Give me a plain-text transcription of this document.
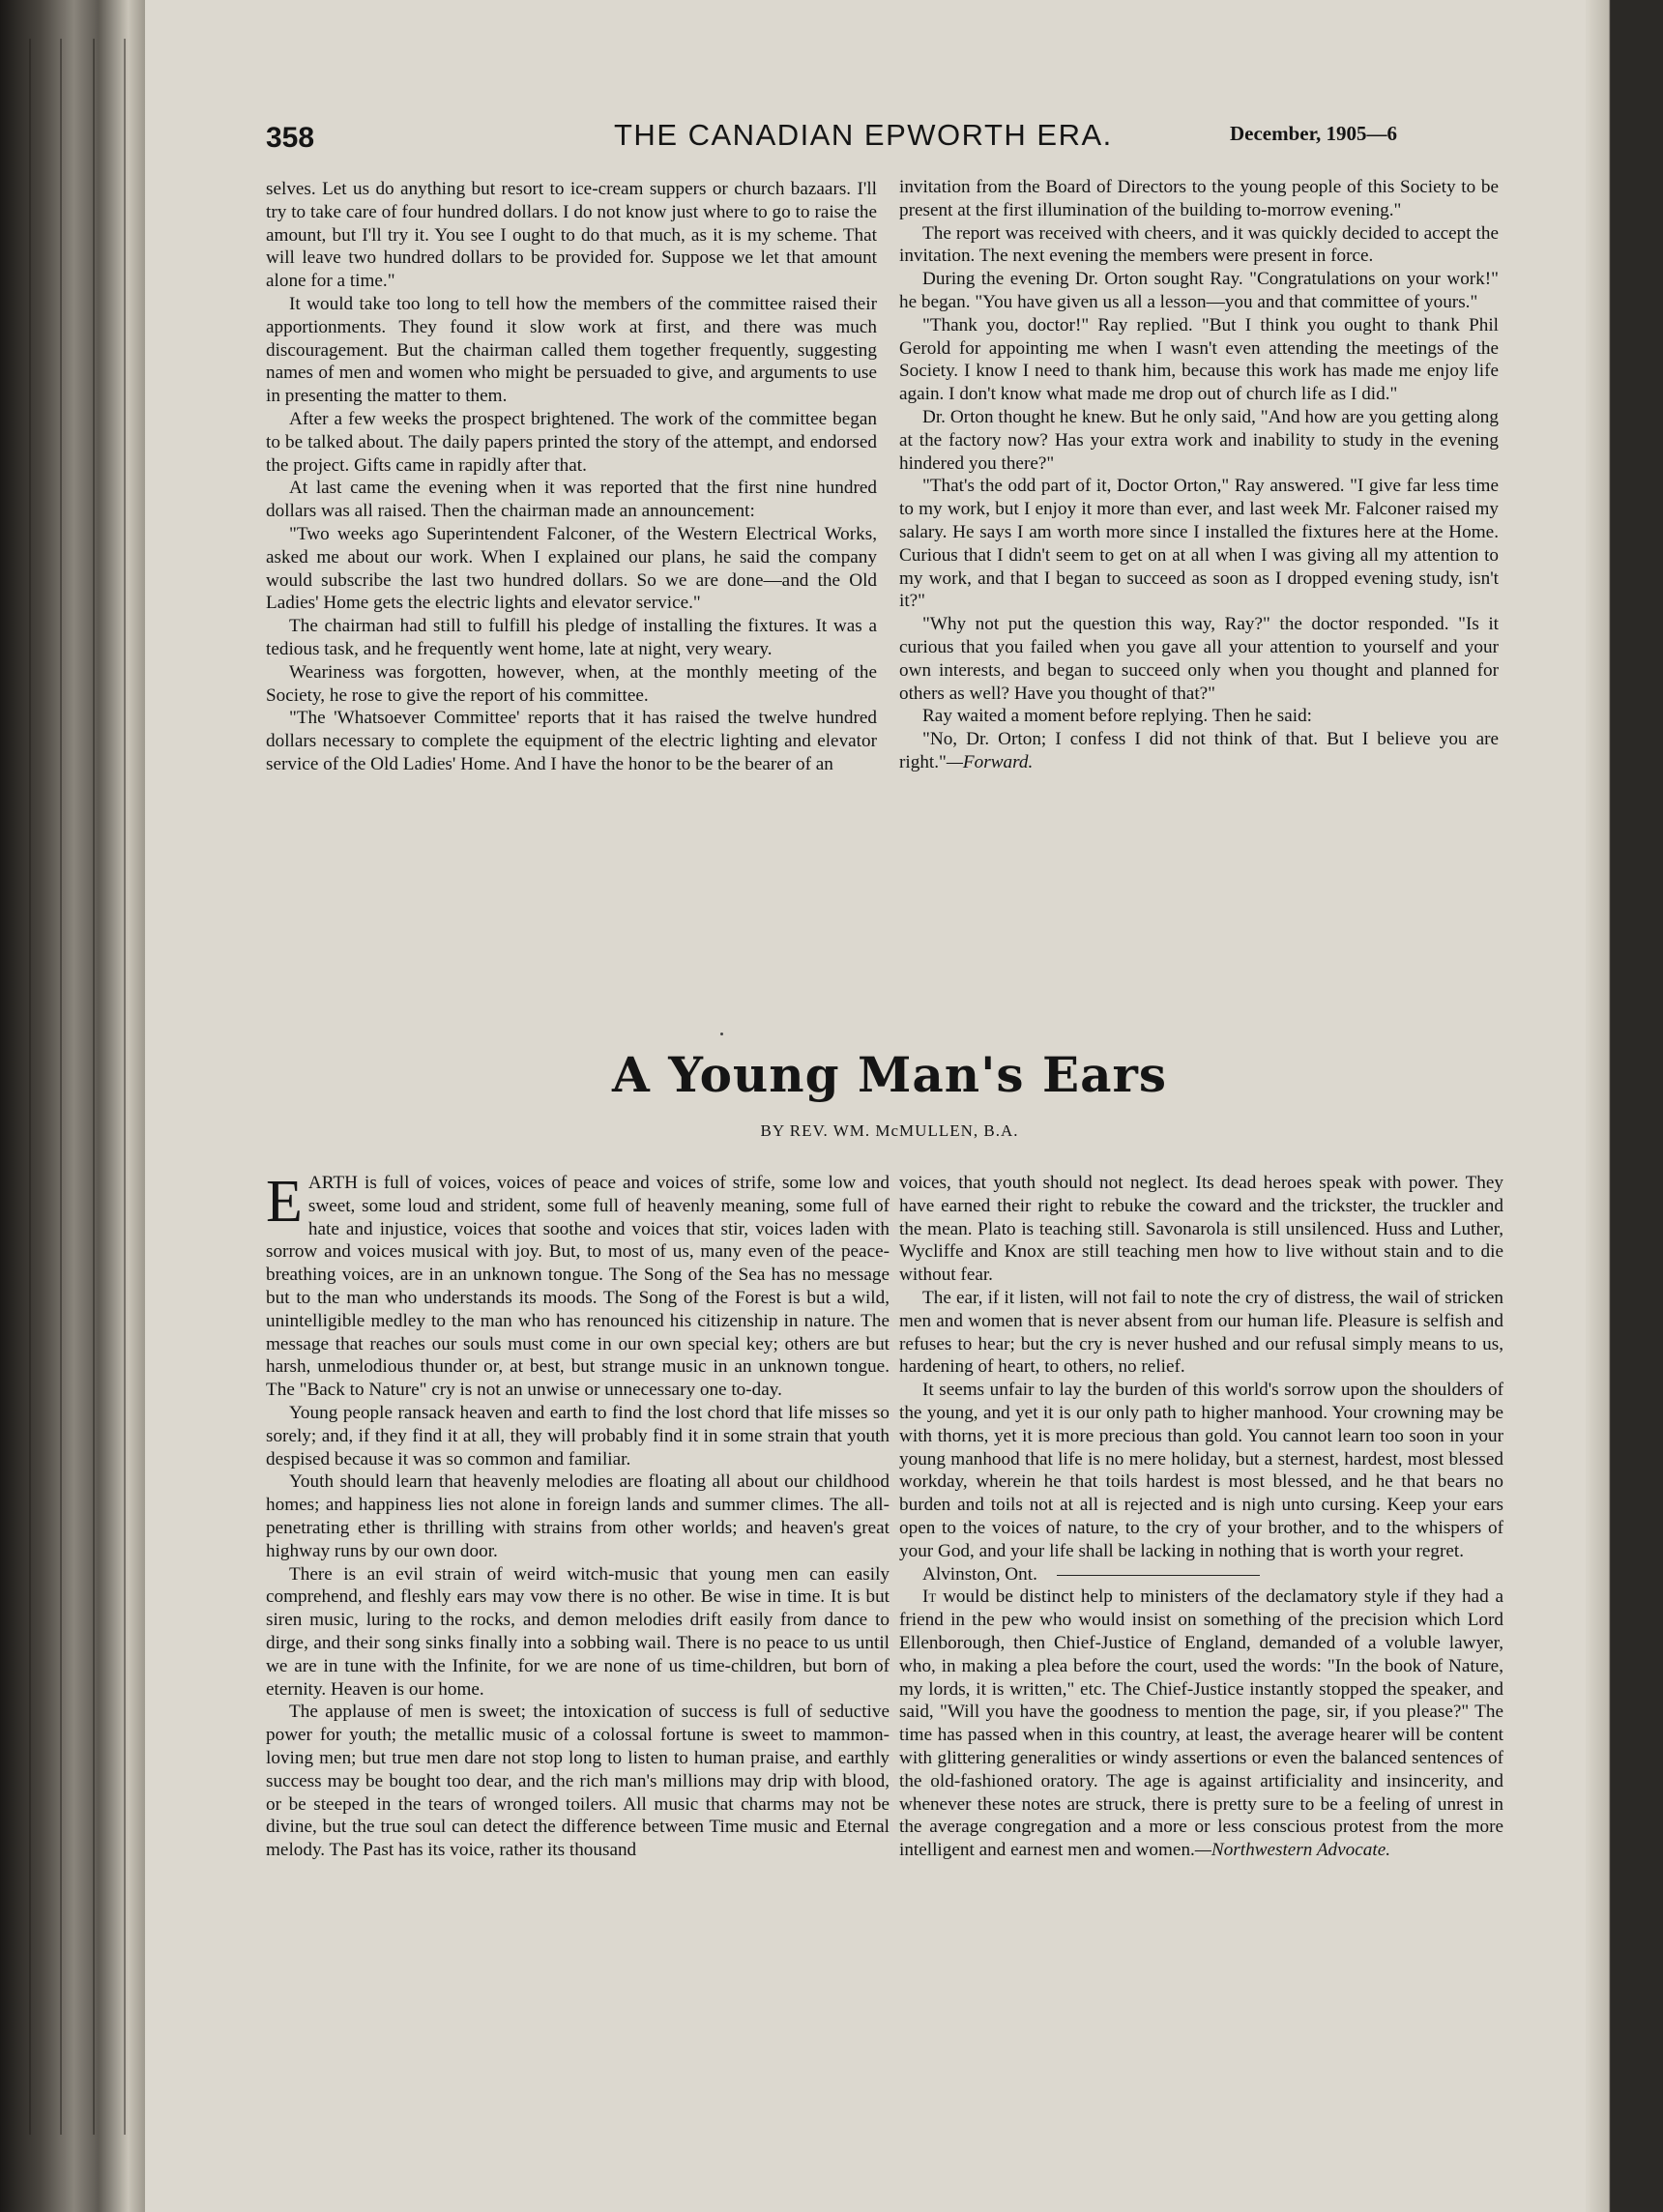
358	THE CANADIAN EPWORTH ERA.	December, 1905—6

selves. Let us do anything but resort to ice-cream suppers or church bazaars. I'll try to take care of four hundred dollars. I do not know just where to go to raise the amount, but I'll try it. You see I ought to do that much, as it is my scheme. That will leave two hundred dollars to be provided for. Suppose we let that amount alone for a time."

It would take too long to tell how the members of the committee raised their apportionments. They found it slow work at first, and there was much discouragement. But the chairman called them together frequently, suggesting names of men and women who might be persuaded to give, and arguments to use in presenting the matter to them.

After a few weeks the prospect brightened. The work of the committee began to be talked about. The daily papers printed the story of the attempt, and endorsed the project. Gifts came in rapidly after that.

At last came the evening when it was reported that the first nine hundred dollars was all raised. Then the chairman made an announcement:

"Two weeks ago Superintendent Falconer, of the Western Electrical Works, asked me about our work. When I explained our plans, he said the company would subscribe the last two hundred dollars. So we are done—and the Old Ladies' Home gets the electric lights and elevator service."

The chairman had still to fulfill his pledge of installing the fixtures. It was a tedious task, and he frequently went home, late at night, very weary.

Weariness was forgotten, however, when, at the monthly meeting of the Society, he rose to give the report of his committee.

"The 'Whatsoever Committee' reports that it has raised the twelve hundred dollars necessary to complete the equipment of the electric lighting and elevator service of the Old Ladies' Home. And I have the honor to be the bearer of an

invitation from the Board of Directors to the young people of this Society to be present at the first illumination of the building to-morrow evening."

The report was received with cheers, and it was quickly decided to accept the invitation. The next evening the members were present in force.

During the evening Dr. Orton sought Ray. "Congratulations on your work!" he began. "You have given us all a lesson—you and that committee of yours."

"Thank you, doctor!" Ray replied. "But I think you ought to thank Phil Gerold for appointing me when I wasn't even attending the meetings of the Society. I know I need to thank him, because this work has made me enjoy life again. I don't know what made me drop out of church life as I did."

Dr. Orton thought he knew. But he only said, "And how are you getting along at the factory now? Has your extra work and inability to study in the evening hindered you there?"

"That's the odd part of it, Doctor Orton," Ray answered. "I give far less time to my work, but I enjoy it more than ever, and last week Mr. Falconer raised my salary. He says I am worth more since I installed the fixtures here at the Home. Curious that I didn't seem to get on at all when I was giving all my attention to my work, and that I began to succeed as soon as I dropped evening study, isn't it?"

"Why not put the question this way, Ray?" the doctor responded. "Is it curious that you failed when you gave all your attention to yourself and your own interests, and began to succeed only when you thought and planned for others as well? Have you thought of that?"

Ray waited a moment before replying. Then he said:

"No, Dr. Orton; I confess I did not think of that. But I believe you are right."—Forward.

A Young Man's Ears
BY REV. WM. McMULLEN, B.A.

EARTH is full of voices, voices of peace and voices of strife, some low and sweet, some loud and strident, some full of heavenly meaning, some full of hate and injustice, voices that soothe and voices that stir, voices laden with sorrow and voices musical with joy. But, to most of us, many even of the peace-breathing voices, are in an unknown tongue. The Song of the Sea has no message but to the man who understands its moods. The Song of the Forest is but a wild, unintelligible medley to the man who has renounced his citizenship in nature. The message that reaches our souls must come in our own special key; others are but harsh, unmelodious thunder or, at best, but strange music in an unknown tongue. The "Back to Nature" cry is not an unwise or unnecessary one to-day.

Young people ransack heaven and earth to find the lost chord that life misses so sorely; and, if they find it at all, they will probably find it in some strain that youth despised because it was so common and familiar.

Youth should learn that heavenly melodies are floating all about our childhood homes; and happiness lies not alone in foreign lands and summer climes. The all-penetrating ether is thrilling with strains from other worlds; and heaven's great highway runs by our own door.

There is an evil strain of weird witch-music that young men can easily comprehend, and fleshly ears may vow there is no other. Be wise in time. It is but siren music, luring to the rocks, and demon melodies drift easily from dance to dirge, and their song sinks finally into a sobbing wail. There is no peace to us until we are in tune with the Infinite, for we are none of us time-children, but born of eternity. Heaven is our home.

The applause of men is sweet; the intoxication of success is full of seductive power for youth; the metallic music of a colossal fortune is sweet to mammon-loving men; but true men dare not stop long to listen to human praise, and earthly success may be bought too dear, and the rich man's millions may drip with blood, or be steeped in the tears of wronged toilers. All music that charms may not be divine, but the true soul can detect the difference between Time music and Eternal melody. The Past has its voice, rather its thousand

voices, that youth should not neglect. Its dead heroes speak with power. They have earned their right to rebuke the coward and the trickster, the truckler and the mean. Plato is teaching still. Savonarola is still unsilenced. Huss and Luther, Wycliffe and Knox are still teaching men how to live without stain and to die without fear.

The ear, if it listen, will not fail to note the cry of distress, the wail of stricken men and women that is never absent from our human life. Pleasure is selfish and refuses to hear; but the cry is never hushed and our refusal simply means to us, hardening of heart, to others, no relief.

It seems unfair to lay the burden of this world's sorrow upon the shoulders of the young, and yet it is our only path to higher manhood. Your crowning may be with thorns, yet it is more precious than gold. You cannot learn too soon in your young manhood that life is no mere holiday, but a sternest, hardest, most blessed workday, wherein he that toils hardest is most blessed, and he that bears no burden and toils not at all is rejected and is nigh unto cursing. Keep your ears open to the voices of nature, to the cry of your brother, and to the whispers of your God, and your life shall be lacking in nothing that is worth your regret.

Alvinston, Ont.

It would be distinct help to ministers of the declamatory style if they had a friend in the pew who would insist on something of the precision which Lord Ellenborough, then Chief-Justice of England, demanded of a voluble lawyer, who, in making a plea before the court, used the words: "In the book of Nature, my lords, it is written," etc. The Chief-Justice instantly stopped the speaker, and said, "Will you have the goodness to mention the page, sir, if you please?" The time has passed when in this country, at least, the average hearer will be content with glittering generalities or windy assertions or even the balanced sentences of the old-fashioned oratory. The age is against artificiality and insincerity, and whenever these notes are struck, there is pretty sure to be a feeling of unrest in the average congregation and a more or less conscious protest from the more intelligent and earnest men and women.—Northwestern Advocate.
